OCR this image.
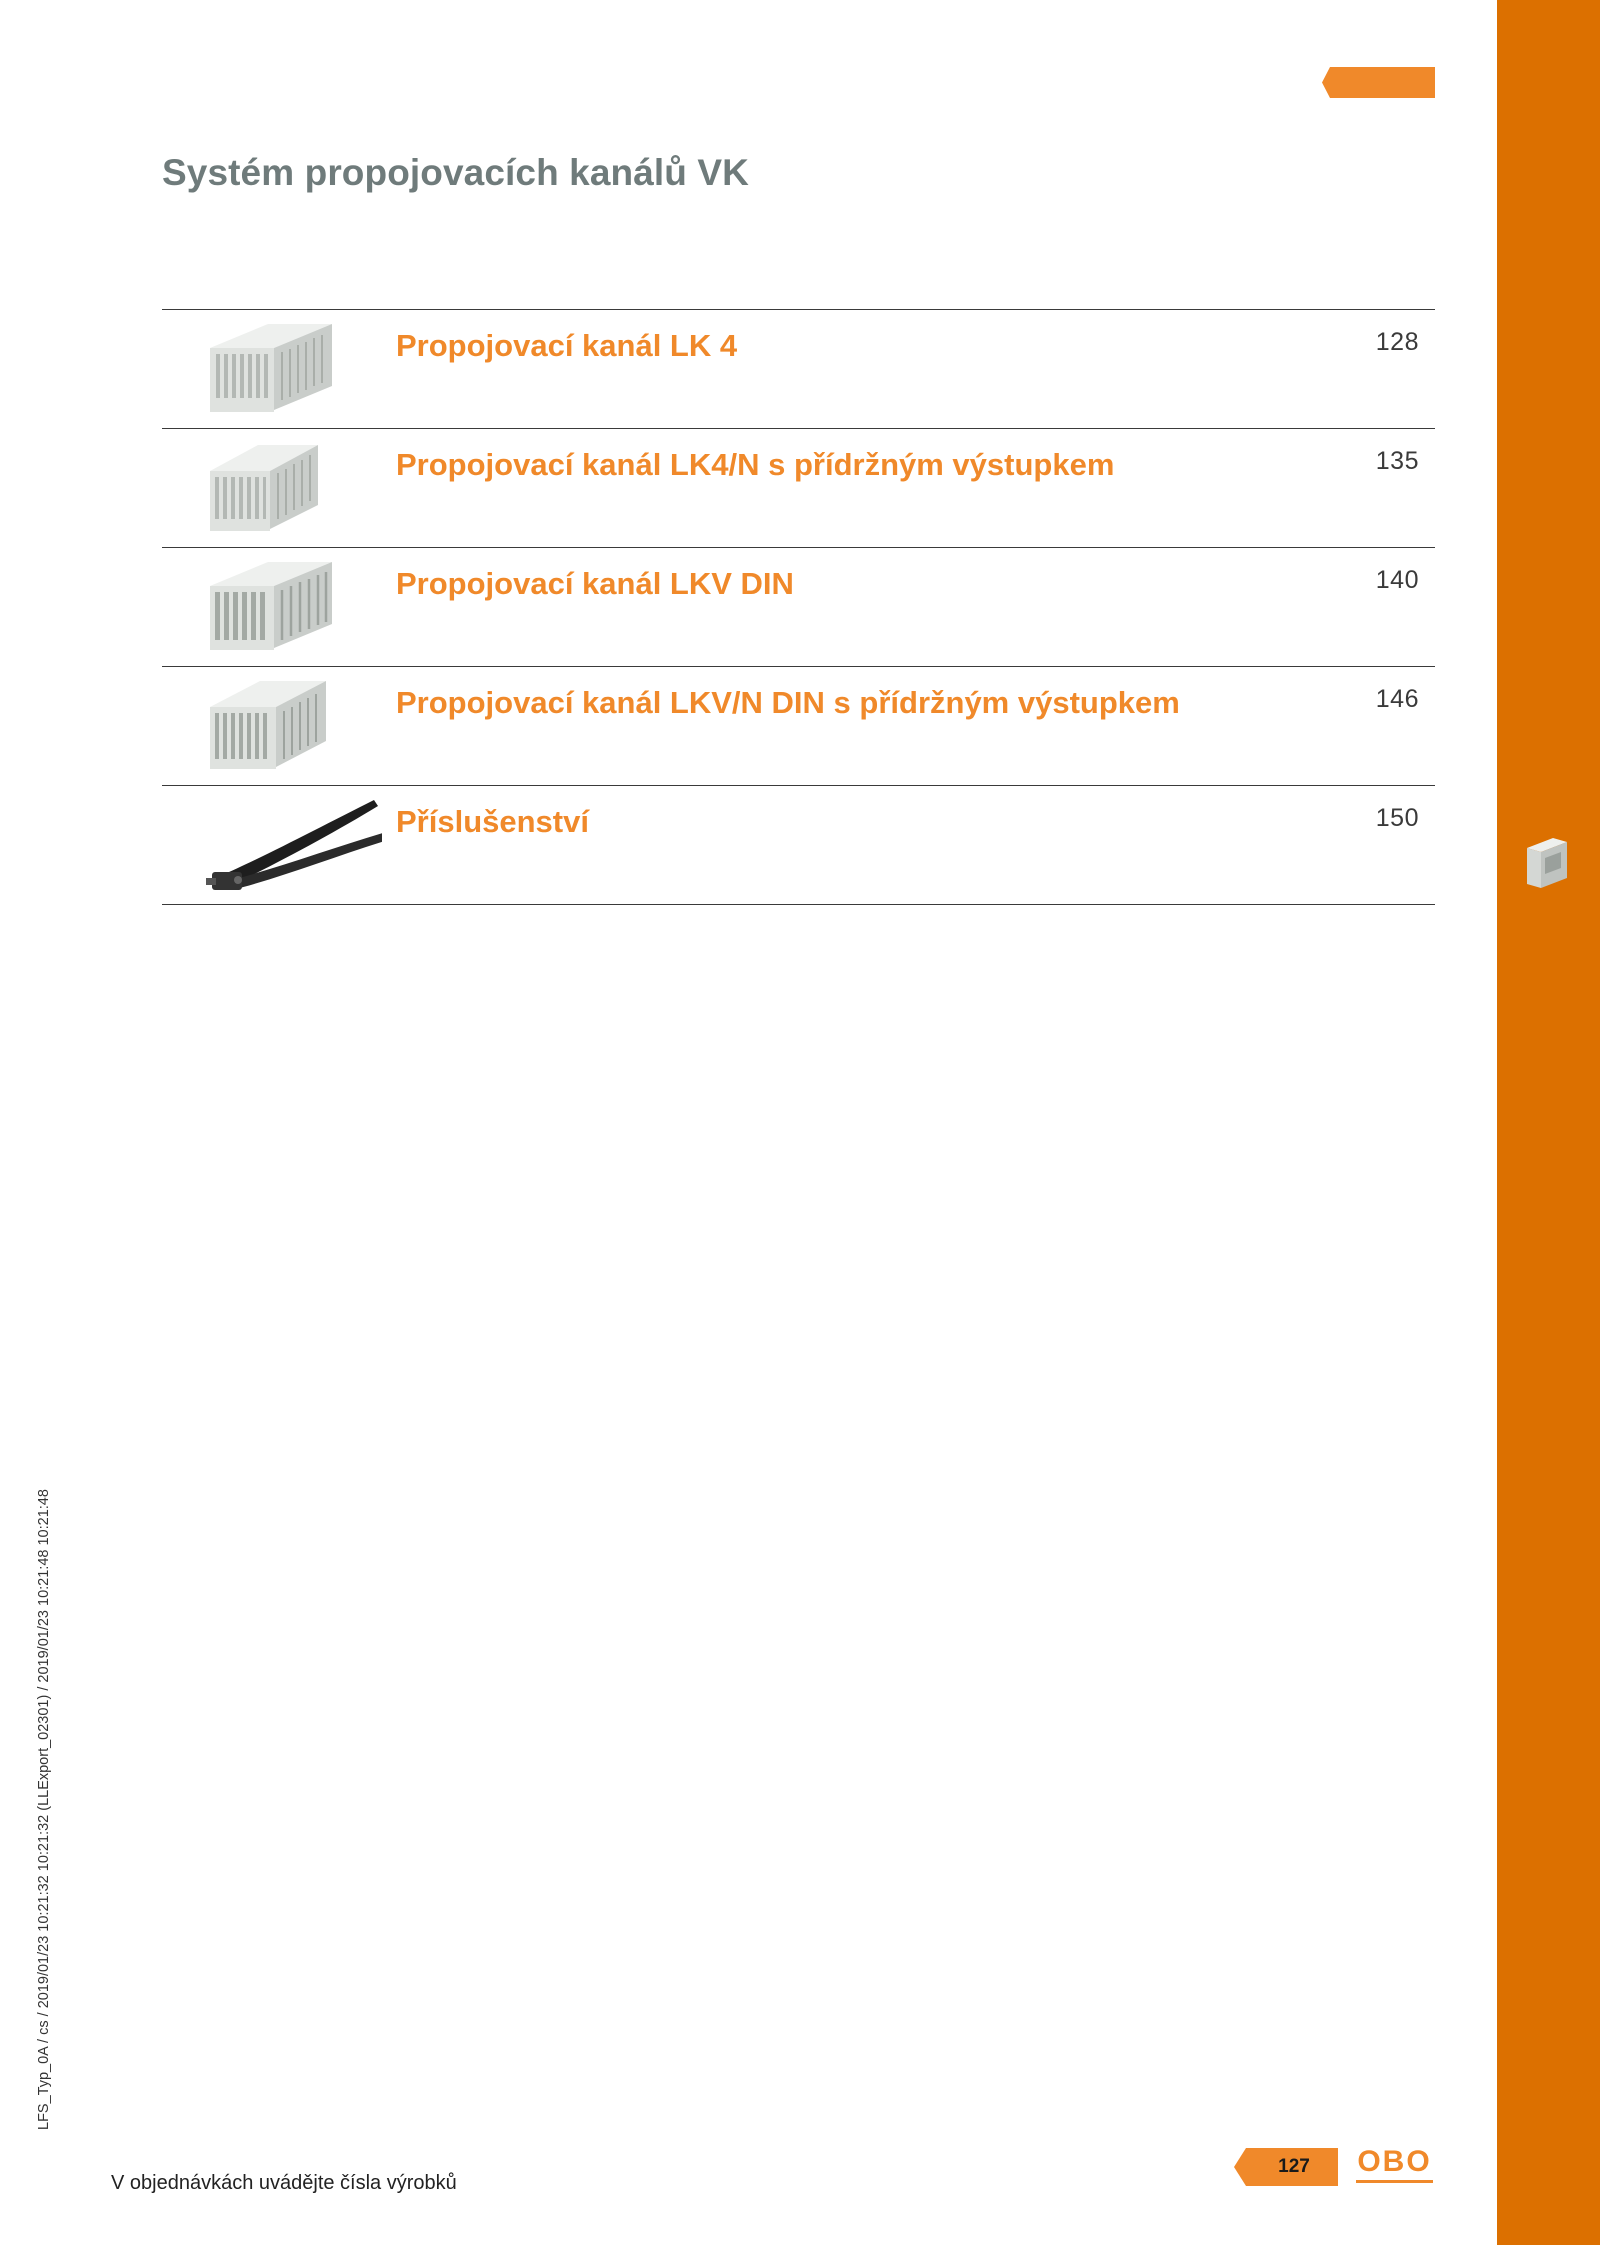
Systém propojovacích kanálů VK
Propojovací kanál LK 4	128
Propojovací kanál LK4/N s přídržným výstupkem	135
Propojovací kanál LKV DIN	140
Propojovací kanál LKV/N DIN s přídržným výstupkem	146
Příslušenství	150
LFS_Typ_0A / cs / 2019/01/23 10:21:32 10:21:32 (LLExport_02301) / 2019/01/23 10:21:48 10:21:48
V objednávkách uvádějte čísla výrobků
127	OBO
